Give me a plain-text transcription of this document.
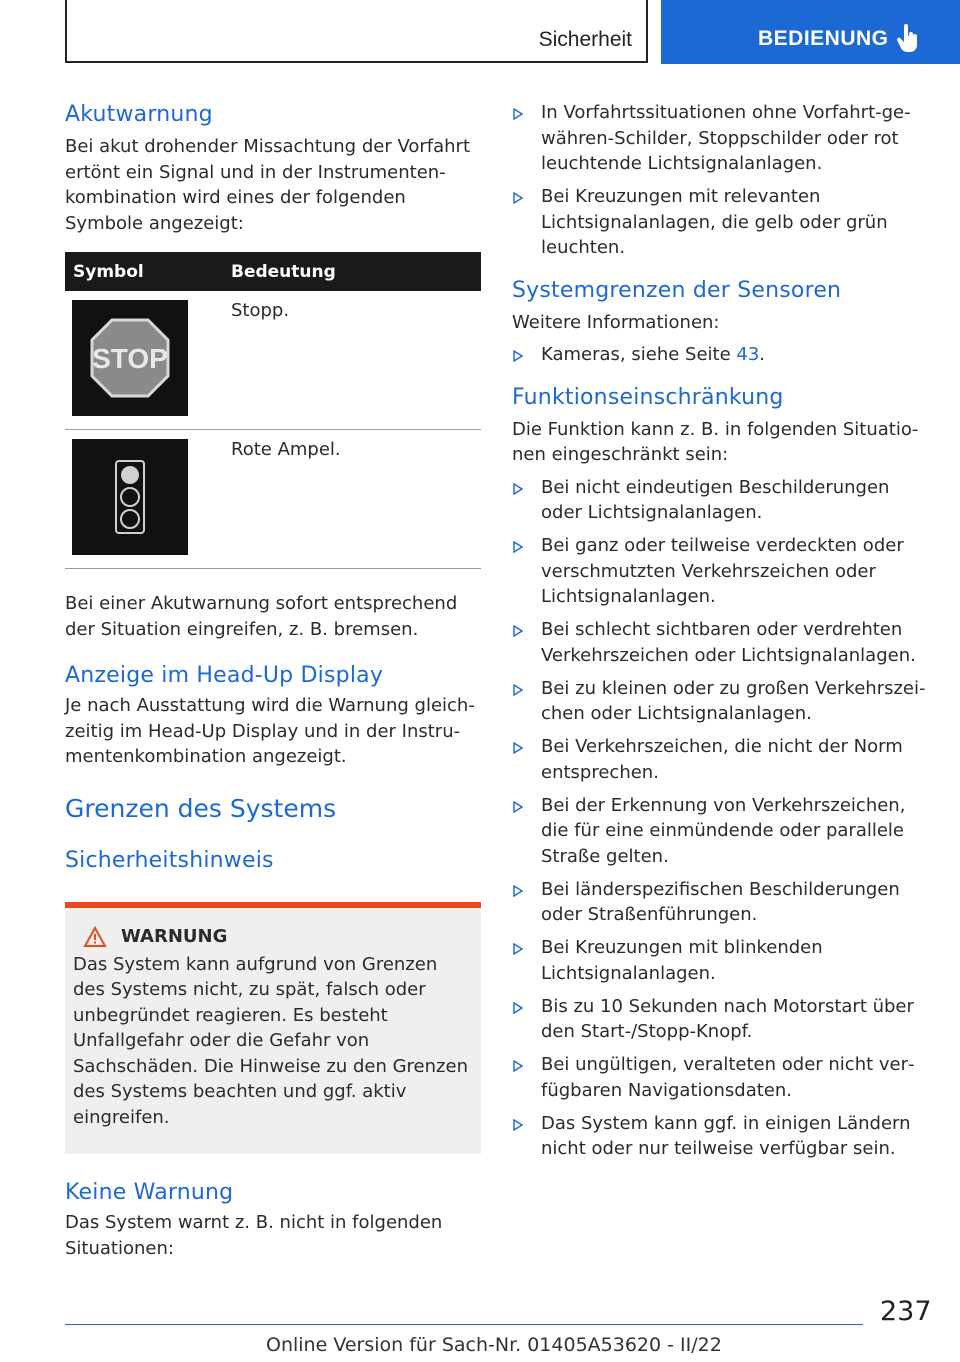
Sicherheit	BEDIENUNG
Akutwarnung

Bei akut drohender Missachtung der Vorfahrt ertönt ein Signal und in der Instrumentenkombination wird eines der folgenden Symbole angezeigt:

Symbol	Bedeutung

STOP	Stopp.

	Rote Ampel.

Bei einer Akutwarnung sofort entsprechend der Situation eingreifen, z. B. bremsen.

Anzeige im Head-Up Display

Je nach Ausstattung wird die Warnung gleichzeitig im Head-Up Display und in der Instrumentenkombination angezeigt.

Grenzen des Systems
Sicherheitshinweis
WARNUNG

Das System kann aufgrund von Grenzen des Systems nicht, zu spät, falsch oder unbegründet reagieren. Es besteht Unfallgefahr oder die Gefahr von Sachschäden. Die Hinweise zu den Grenzen des Systems beachten und ggf. aktiv eingreifen.

Keine Warnung

Das System warnt z. B. nicht in folgenden Situationen:

In Vorfahrtssituationen ohne Vorfahrt-gewähren-Schilder, Stoppschilder oder rot leuchtende Lichtsignalanlagen.
Bei Kreuzungen mit relevanten Lichtsignalanlagen, die gelb oder grün leuchten.
Systemgrenzen der Sensoren

Weitere Informationen:

Kameras, siehe Seite 43.
Funktionseinschränkung

Die Funktion kann z. B. in folgenden Situationen eingeschränkt sein:

Bei nicht eindeutigen Beschilderungen oder Lichtsignalanlagen.
Bei ganz oder teilweise verdeckten oder verschmutzten Verkehrszeichen oder Lichtsignalanlagen.
Bei schlecht sichtbaren oder verdrehten Verkehrszeichen oder Lichtsignalanlagen.
Bei zu kleinen oder zu großen Verkehrszeichen oder Lichtsignalanlagen.
Bei Verkehrszeichen, die nicht der Norm entsprechen.
Bei der Erkennung von Verkehrszeichen, die für eine einmündende oder parallele Straße gelten.
Bei länderspezifischen Beschilderungen oder Straßenführungen.
Bei Kreuzungen mit blinkenden Lichtsignalanlagen.
Bis zu 10 Sekunden nach Motorstart über den Start-/Stopp-Knopf.
Bei ungültigen, veralteten oder nicht verfügbaren Navigationsdaten.
Das System kann ggf. in einigen Ländern nicht oder nur teilweise verfügbar sein.
237
Online Version für Sach-Nr. 01405A53620 - II/22
